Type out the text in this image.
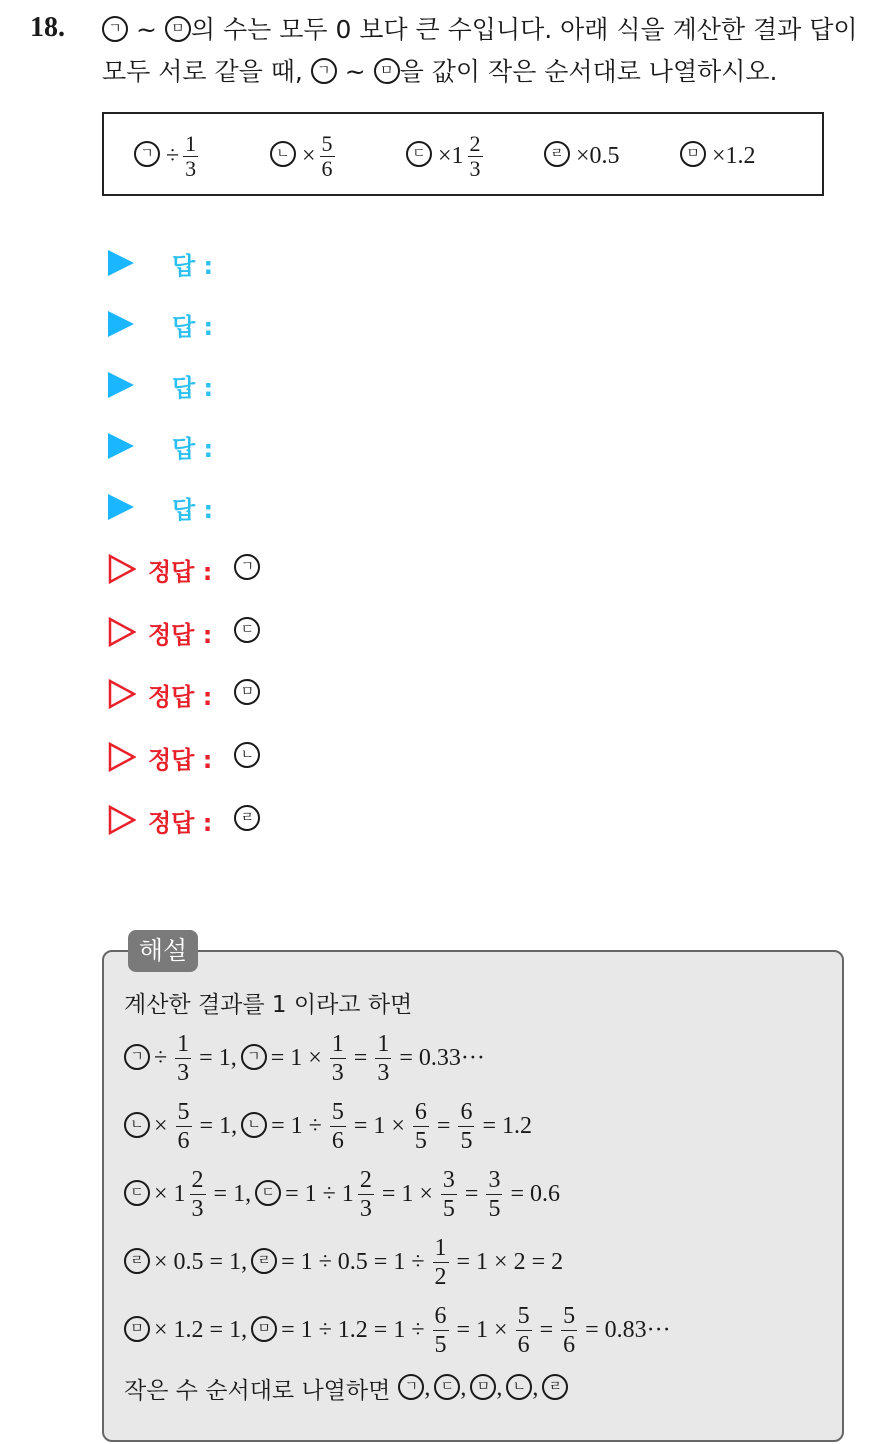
18.	ㄱ ~ ㅁ 의 수는 모두 0 보다 큰 수입니다. 아래 식을 계산한 결과 답이
모두 서로 같을 때, ㄱ ~ ㅁ 을 값이 작은 순서대로 나열하시오.
ㄱ ÷ $\frac{1}{3}$	ㄴ × $\frac{5}{6}$	ㄷ $\times 1 \frac{2}{3}$	ㄹ ×0.5	ㅁ ×1.2
답 :
답 :
답 :
답 :
답 :
정답 :	ㄱ
정답 :	ㄷ
정답 :	ㅁ
정답 :	ㄴ
정답 :	ㄹ
해설
계산한 결과를 1 이라고 하면
ㄱ ÷
1
3
= 1, ㄱ = 1 ×
1
3
=
1
3
= 0.33···
ㄴ ×
5
6
= 1, ㄴ = 1 ÷
5
6
= 1 ×
6
5
=
6
5
= 1.2
ㄷ × 1
2
3
= 1, ㄷ = 1 ÷ 1
2
3
= 1 ×
3
5
=
3
5
= 0.6
ㄹ × 0.5 = 1, ㄹ = 1 ÷ 0.5 = 1 ÷
1
2
= 1 × 2 = 2
ㅁ × 1.2 = 1, ㅁ = 1 ÷ 1.2 = 1 ÷
6
5
= 1 ×
5
6
=
5
6
= 0.83···
작은 수 순서대로 나열하면	ㄱ , ㄷ , ㅁ , ㄴ , ㄹ
